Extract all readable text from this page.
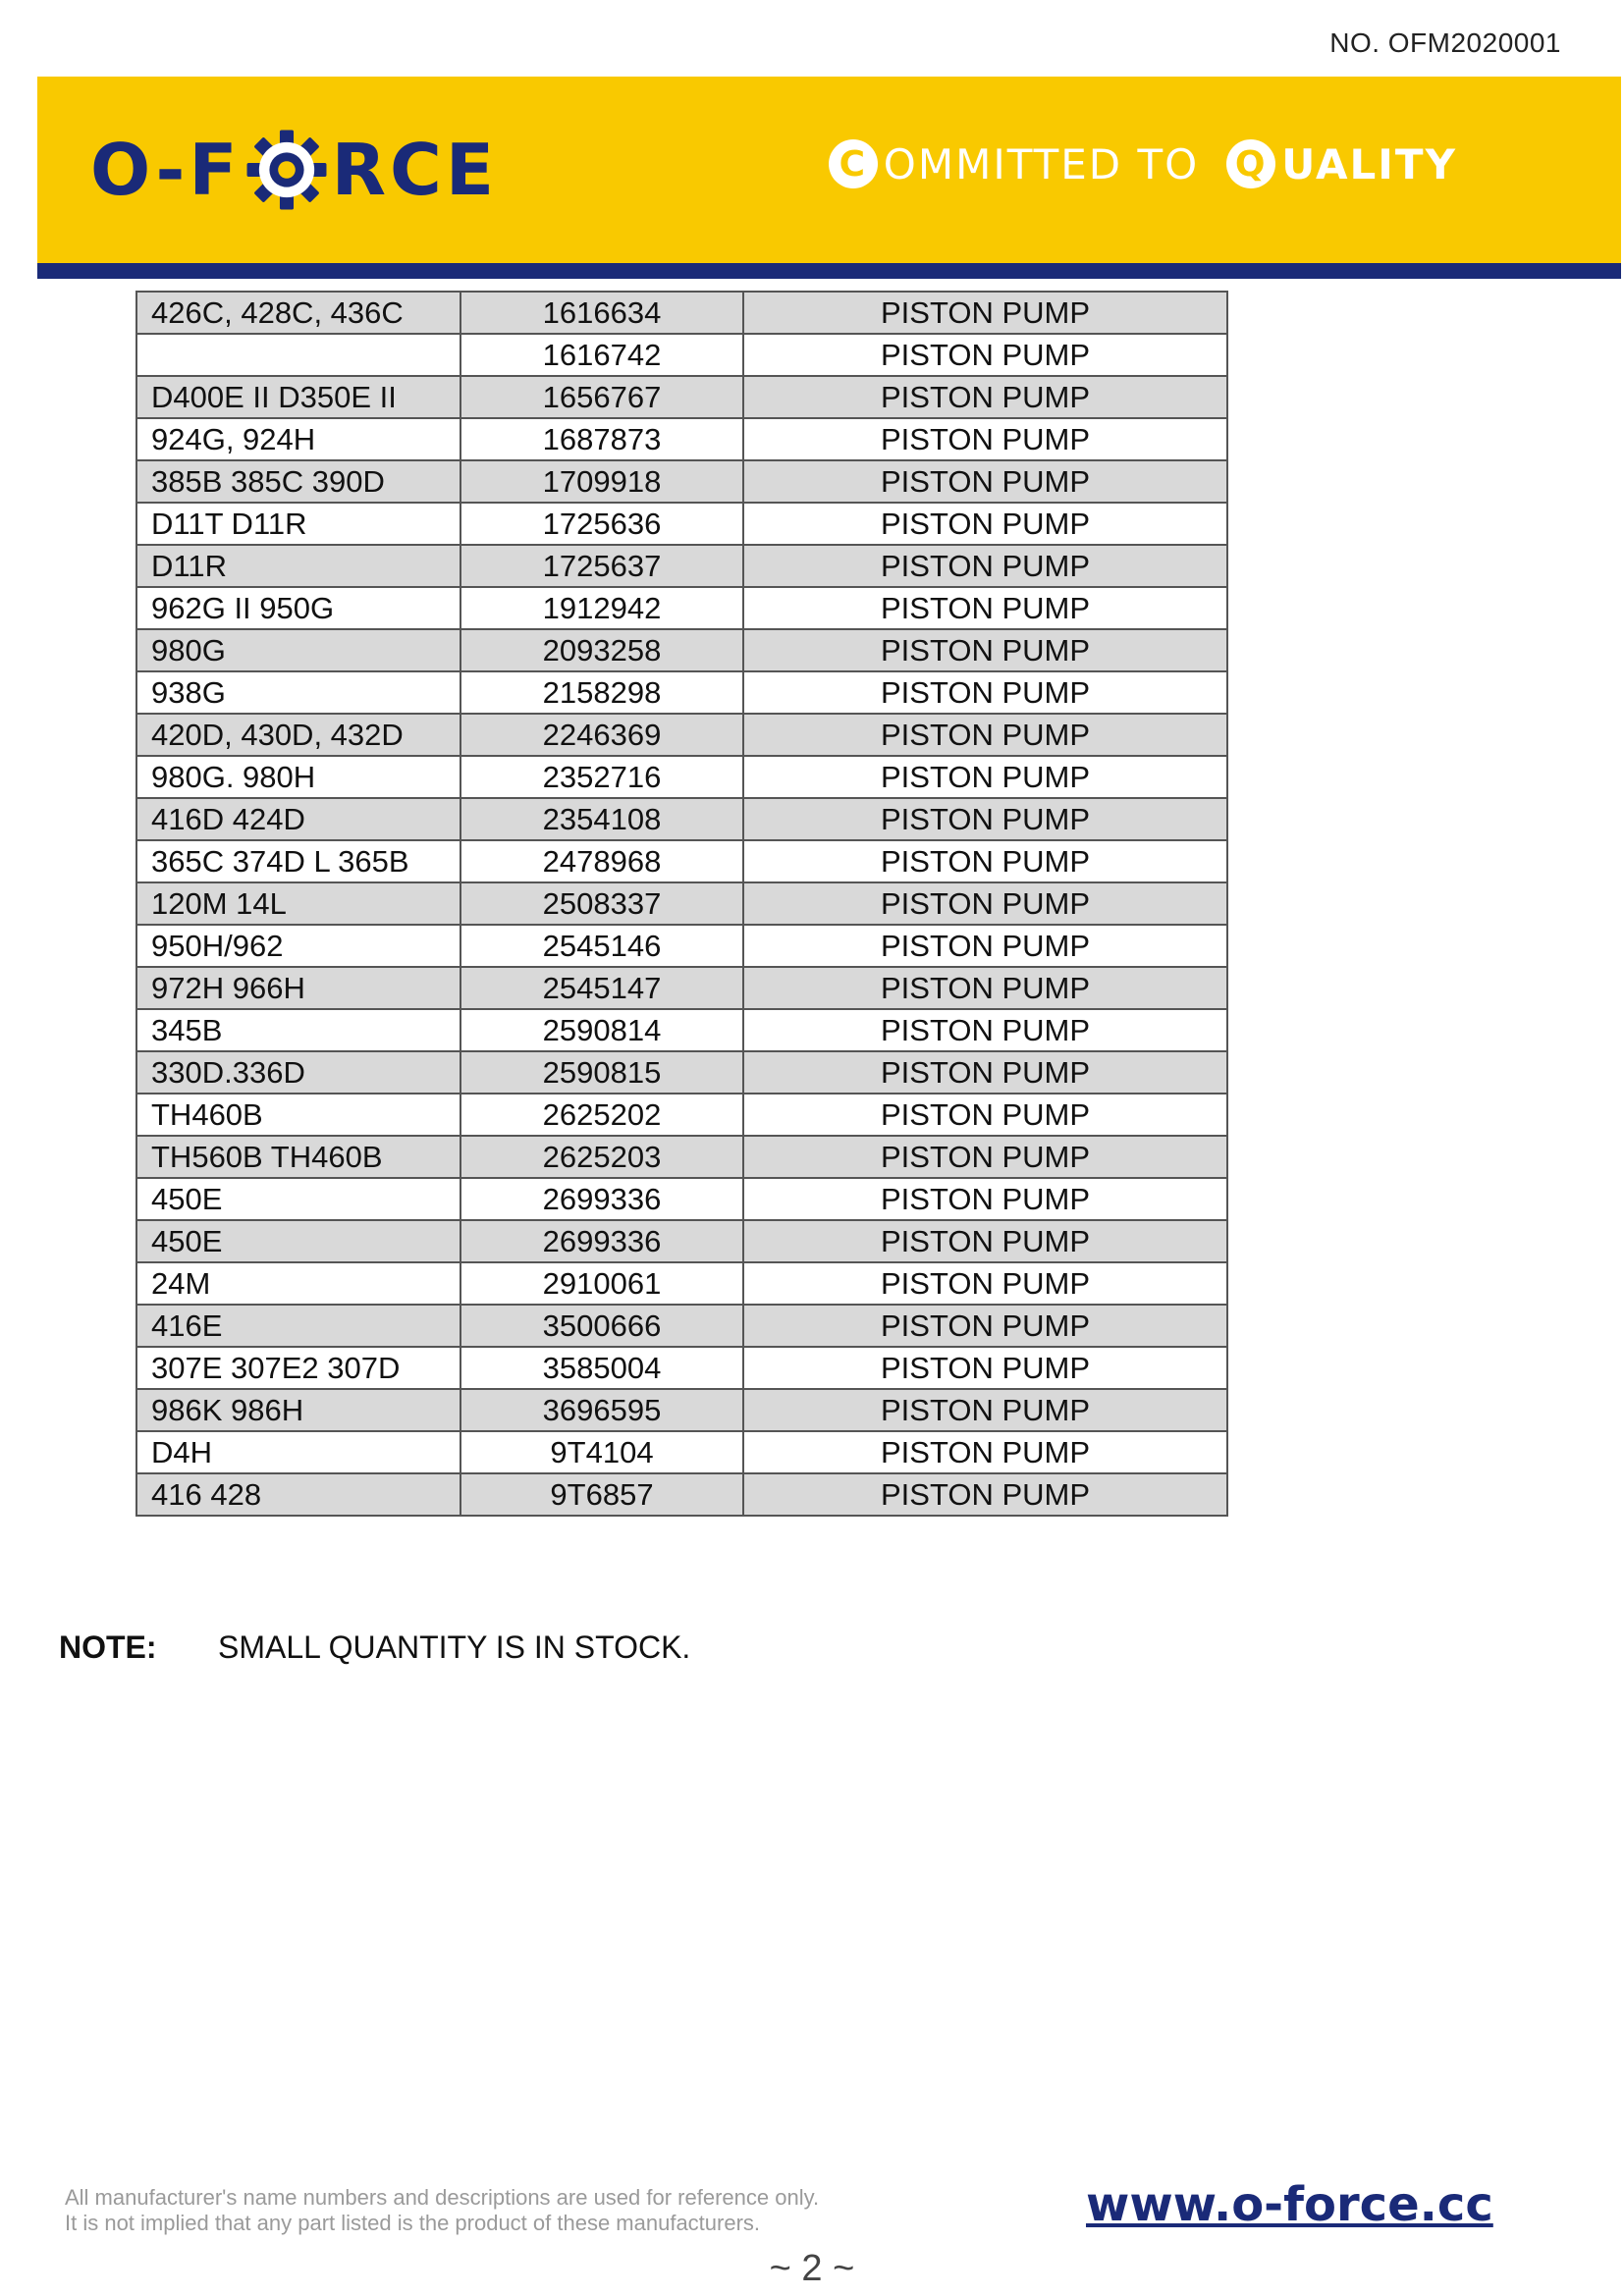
NO. OFM2020001
O-F RCE	C OMMITTED TO Q UALITY
426C, 428C, 436C	1616634	PISTON PUMP
	1616742	PISTON PUMP
D400E II D350E II	1656767	PISTON PUMP
924G, 924H	1687873	PISTON PUMP
385B 385C 390D	1709918	PISTON PUMP
D11T D11R	1725636	PISTON PUMP
D11R	1725637	PISTON PUMP
962G II 950G	1912942	PISTON PUMP
980G	2093258	PISTON PUMP
938G	2158298	PISTON PUMP
420D, 430D, 432D	2246369	PISTON PUMP
980G. 980H	2352716	PISTON PUMP
416D 424D	2354108	PISTON PUMP
365C 374D L 365B	2478968	PISTON PUMP
120M 14L	2508337	PISTON PUMP
950H/962	2545146	PISTON PUMP
972H 966H	2545147	PISTON PUMP
345B	2590814	PISTON PUMP
330D.336D	2590815	PISTON PUMP
TH460B	2625202	PISTON PUMP
TH560B TH460B	2625203	PISTON PUMP
450E	2699336	PISTON PUMP
450E	2699336	PISTON PUMP
24M	2910061	PISTON PUMP
416E	3500666	PISTON PUMP
307E 307E2 307D	3585004	PISTON PUMP
986K 986H	3696595	PISTON PUMP
D4H	9T4104	PISTON PUMP
416 428	9T6857	PISTON PUMP
NOTE:	SMALL QUANTITY IS IN STOCK.
All manufacturer's name numbers and descriptions are used for reference only.
It is not implied that any part listed is the product of these manufacturers.	www.o-force.cc
~ 2 ~
